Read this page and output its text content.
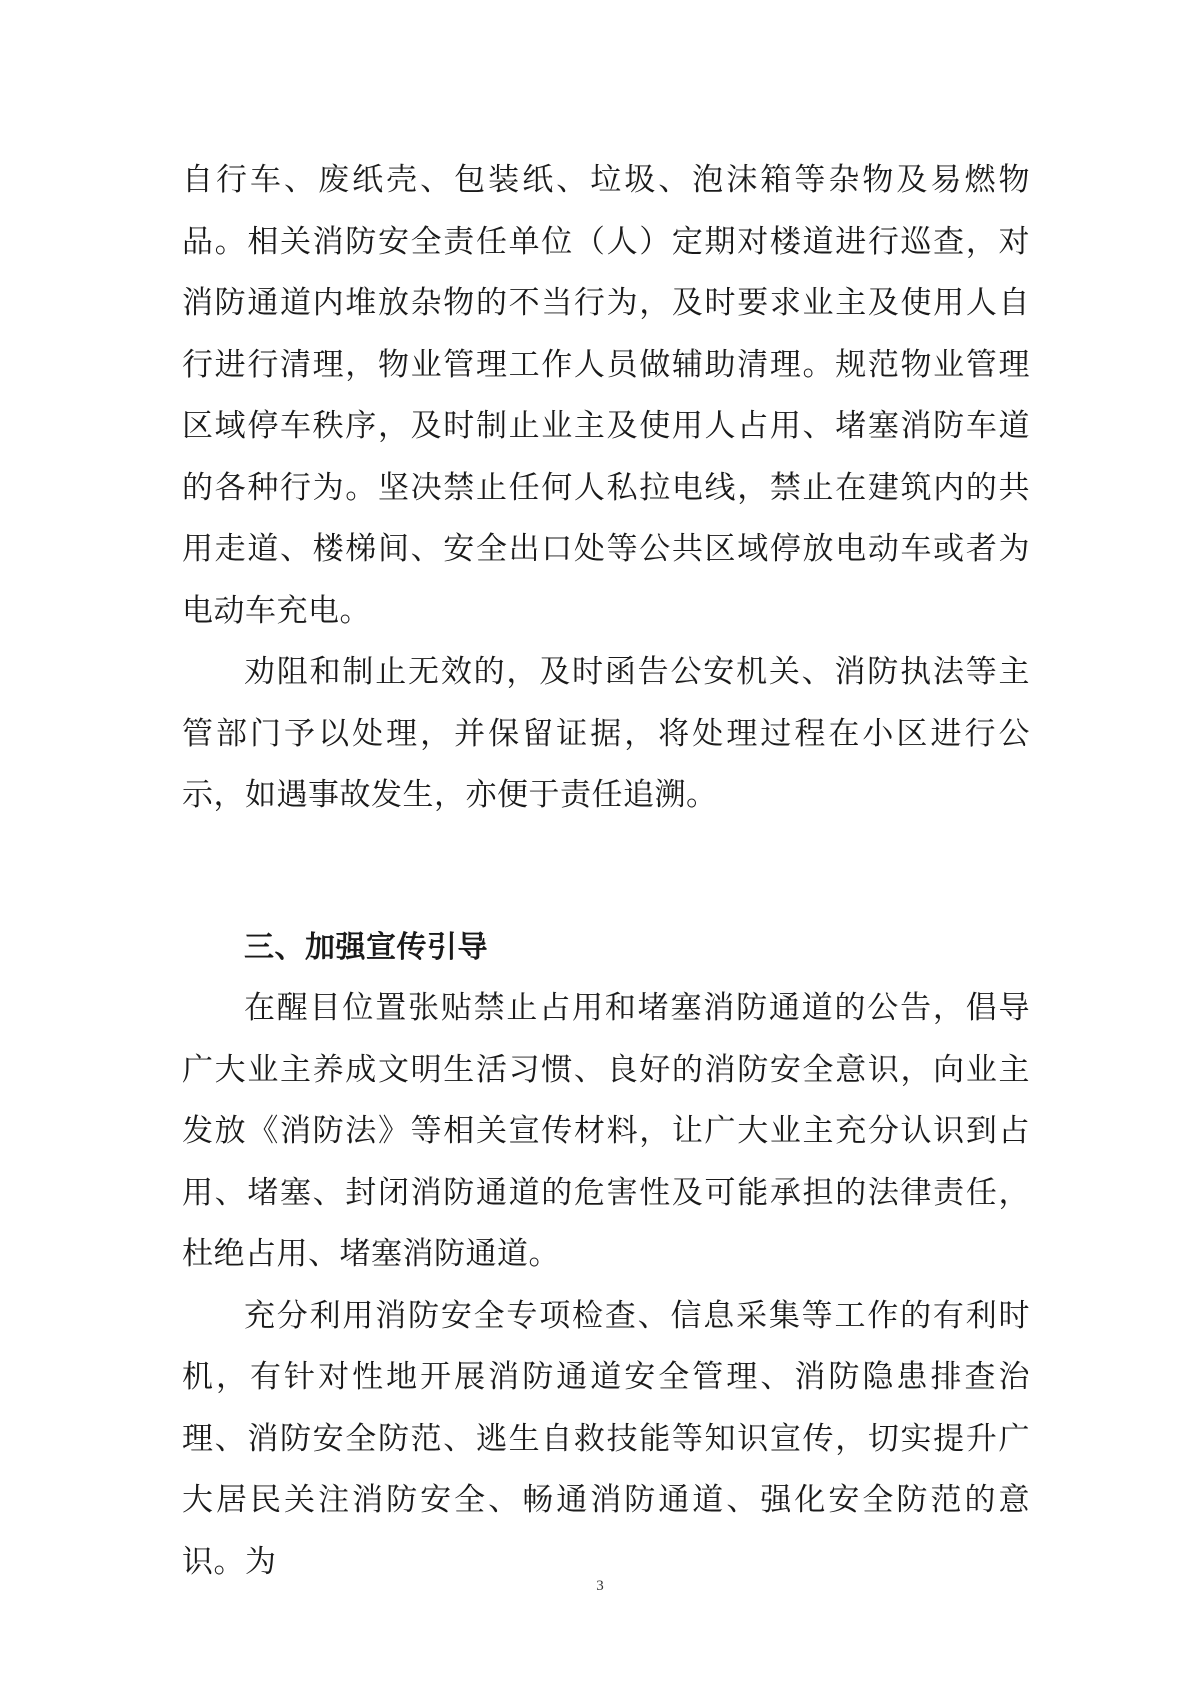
自行车、废纸壳、包装纸、垃圾、泡沫箱等杂物及易燃物品。相关消防安全责任单位（人）定期对楼道进行巡查，对消防通道内堆放杂物的不当行为，及时要求业主及使用人自行进行清理，物业管理工作人员做辅助清理。规范物业管理区域停车秩序，及时制止业主及使用人占用、堵塞消防车道的各种行为。坚决禁止任何人私拉电线，禁止在建筑内的共用走道、楼梯间、安全出口处等公共区域停放电动车或者为电动车充电。

劝阻和制止无效的，及时函告公安机关、消防执法等主管部门予以处理，并保留证据，将处理过程在小区进行公示，如遇事故发生，亦便于责任追溯。

三、加强宣传引导

在醒目位置张贴禁止占用和堵塞消防通道的公告，倡导广大业主养成文明生活习惯、良好的消防安全意识，向业主发放《消防法》等相关宣传材料，让广大业主充分认识到占用、堵塞、封闭消防通道的危害性及可能承担的法律责任，杜绝占用、堵塞消防通道。

充分利用消防安全专项检查、信息采集等工作的有利时机，有针对性地开展消防通道安全管理、消防隐患排查治理、消防安全防范、逃生自救技能等知识宣传，切实提升广大居民关注消防安全、畅通消防通道、强化安全防范的意识。为

3
